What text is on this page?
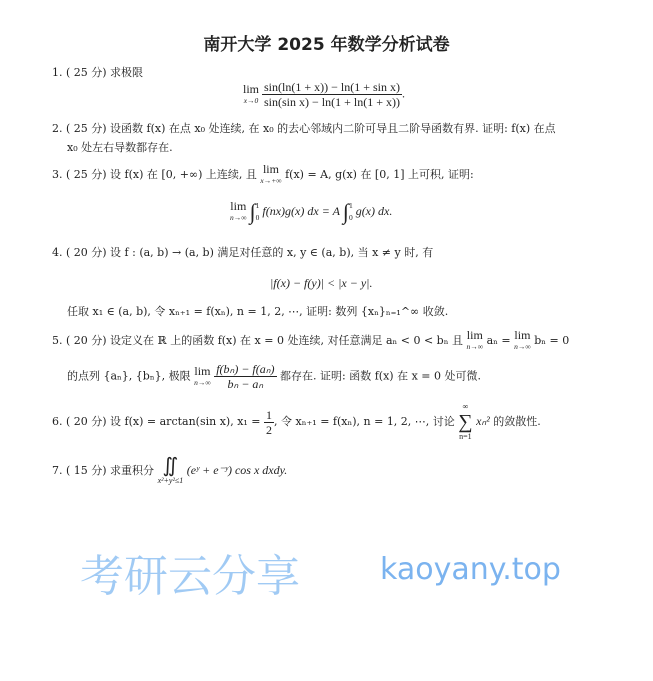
南开大学 2025 年数学分析试卷
1. ( 25 分) 求极限
lim
x→0
$\frac{\text{sin(ln(1 + x)) − ln(1 + sin x)}}{\text{sin(sin x) − ln(1 + ln(1 + x))}}$ .
2. ( 25 分) 设函数 f(x) 在点 x₀ 处连续, 在 x₀ 的去心邻域内二阶可导且二阶导函数有界. 证明: f(x) 在点
x₀ 处左右导数都存在.
3. ( 25 分) 设 f(x) 在 [0, +∞) 上连续, 且 lim
x→+∞ f(x) = A, g(x) 在 [0, 1] 上可积, 证明:
lim
n→∞
∫ 1
0 f(nx)g(x) dx = A ∫ 1
0 g(x) dx.
4. ( 20 分) 设 f : (a, b) → (a, b) 满足对任意的 x, y ∈ (a, b), 当 x ≠ y 时, 有
|f(x) − f(y)| < |x − y|.
任取 x₁ ∈ (a, b), 令 xₙ₊₁ = f(xₙ), n = 1, 2, ⋯, 证明: 数列 {xₙ}ₙ₌₁^∞ 收敛.
5. ( 20 分) 设定义在 ℝ 上的函数 f(x) 在 x = 0 处连续, 对任意满足 aₙ < 0 < bₙ 且 lim
n→∞ aₙ = lim
n→∞ bₙ = 0
的点列 {aₙ}, {bₙ}, 极限 lim
n→∞
$\frac{\text{f(bₙ) − f(aₙ)}}{\text{bₙ − aₙ}}$ 都存在. 证明: 函数 f(x) 在 x = 0 处可微.
6. ( 20 分) 设 f(x) = arctan(sin x), $x_1 = \frac{1}{2}$ , 令 xₙ₊₁ = f(xₙ), n = 1, 2, ⋯, 讨论
∞
∑
n=1
xₙ² 的敛散性.
7. ( 15 分) 求重积分 ∬
x²+y²≤1
(eʸ + e⁻ʸ) cos x dxdy.
考研云分享	kaoyany.top
